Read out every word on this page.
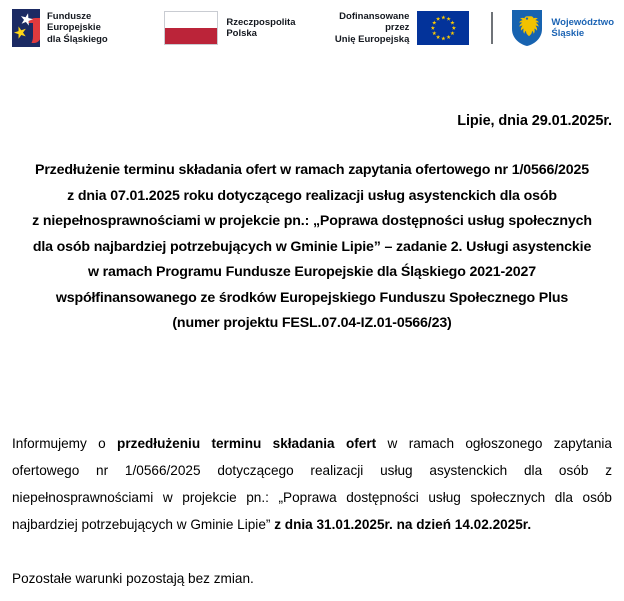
Fundusze Europejskie
dla Śląskiego
Rzeczpospolita
Polska
Dofinansowane przez
Unię Europejską
Województwo
Śląskie
Lipie, dnia 29.01.2025r.
Przedłużenie terminu składania ofert w ramach zapytania ofertowego nr 1/0566/2025
z dnia 07.01.2025 roku dotyczącego realizacji usług asystenckich dla osób
z niepełnosprawnościami w projekcie pn.: „Poprawa dostępności usług społecznych
dla osób najbardziej potrzebujących w Gminie Lipie” – zadanie 2. Usługi asystenckie
w ramach Programu Fundusze Europejskie dla Śląskiego 2021-2027
współfinansowanego ze środków Europejskiego Funduszu Społecznego Plus
(numer projektu FESL.07.04-IZ.01-0566/23)

Informujemy o przedłużeniu terminu składania ofert w ramach ogłoszonego zapytania ofertowego nr 1/0566/2025 dotyczącego realizacji usług asystenckich dla osób z niepełnosprawnościami w projekcie pn.: „Poprawa dostępności usług społecznych dla osób najbardziej potrzebujących w Gminie Lipie” z dnia 31.01.2025r. na dzień 14.02.2025r.

Pozostałe warunki pozostają bez zmian.
